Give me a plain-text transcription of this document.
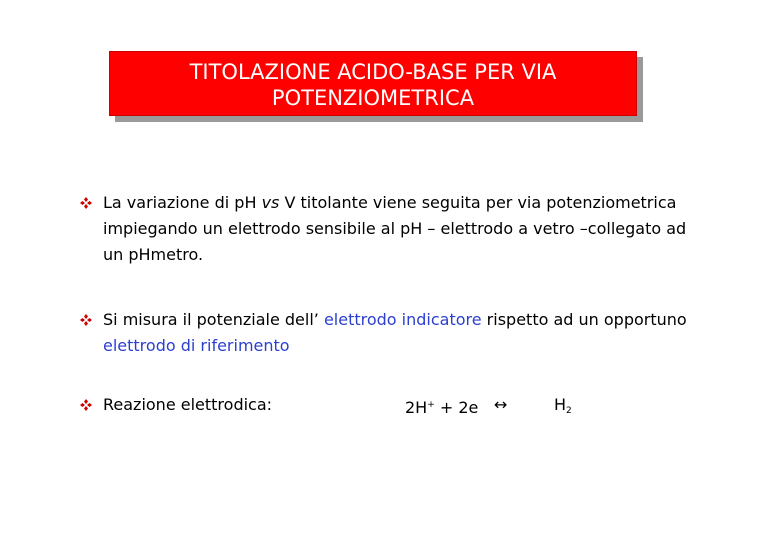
TITOLAZIONE ACIDO-BASE PER VIA
POTENZIOMETRICA
La variazione di pH vs V titolante viene seguita per via potenziometrica impiegando un elettrodo sensibile al pH – elettrodo a vetro –collegato ad un pHmetro.
Si misura il potenziale dell’ elettrodo indicatore rispetto ad un opportuno elettrodo di riferimento
Reazione elettrodica:	2H+ + 2e ↔	$H_2$
